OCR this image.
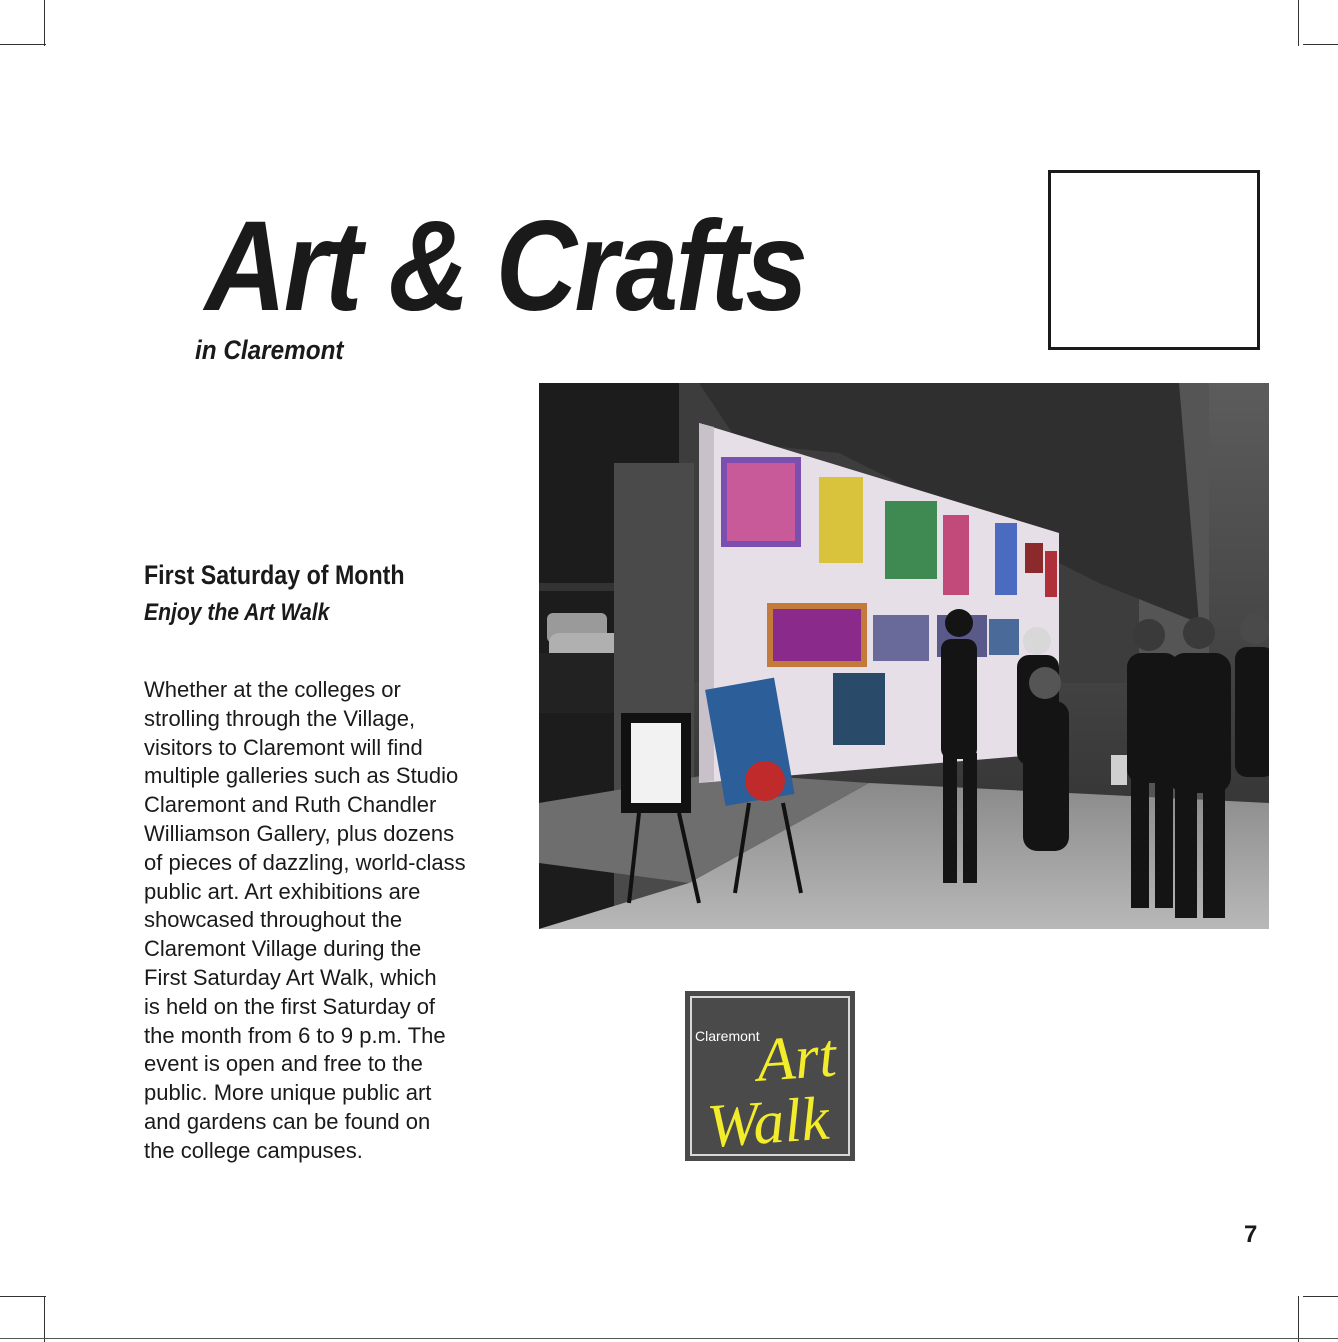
Art & Crafts
in Claremont
First Saturday of Month
Enjoy the Art Walk
Whether at the colleges or
strolling through the Village,
visitors to Claremont will find
multiple galleries such as Studio
Claremont and Ruth Chandler
Williamson Gallery, plus dozens
of pieces of dazzling, world-class
public art. Art exhibitions are
showcased throughout the
Claremont Village during the
First Saturday Art Walk, which
is held on the first Saturday of
the month from 6 to 9 p.m. The
event is open and free to the
public. More unique public art
and gardens can be found on
the college campuses.
Claremont
Art
Walk
7
